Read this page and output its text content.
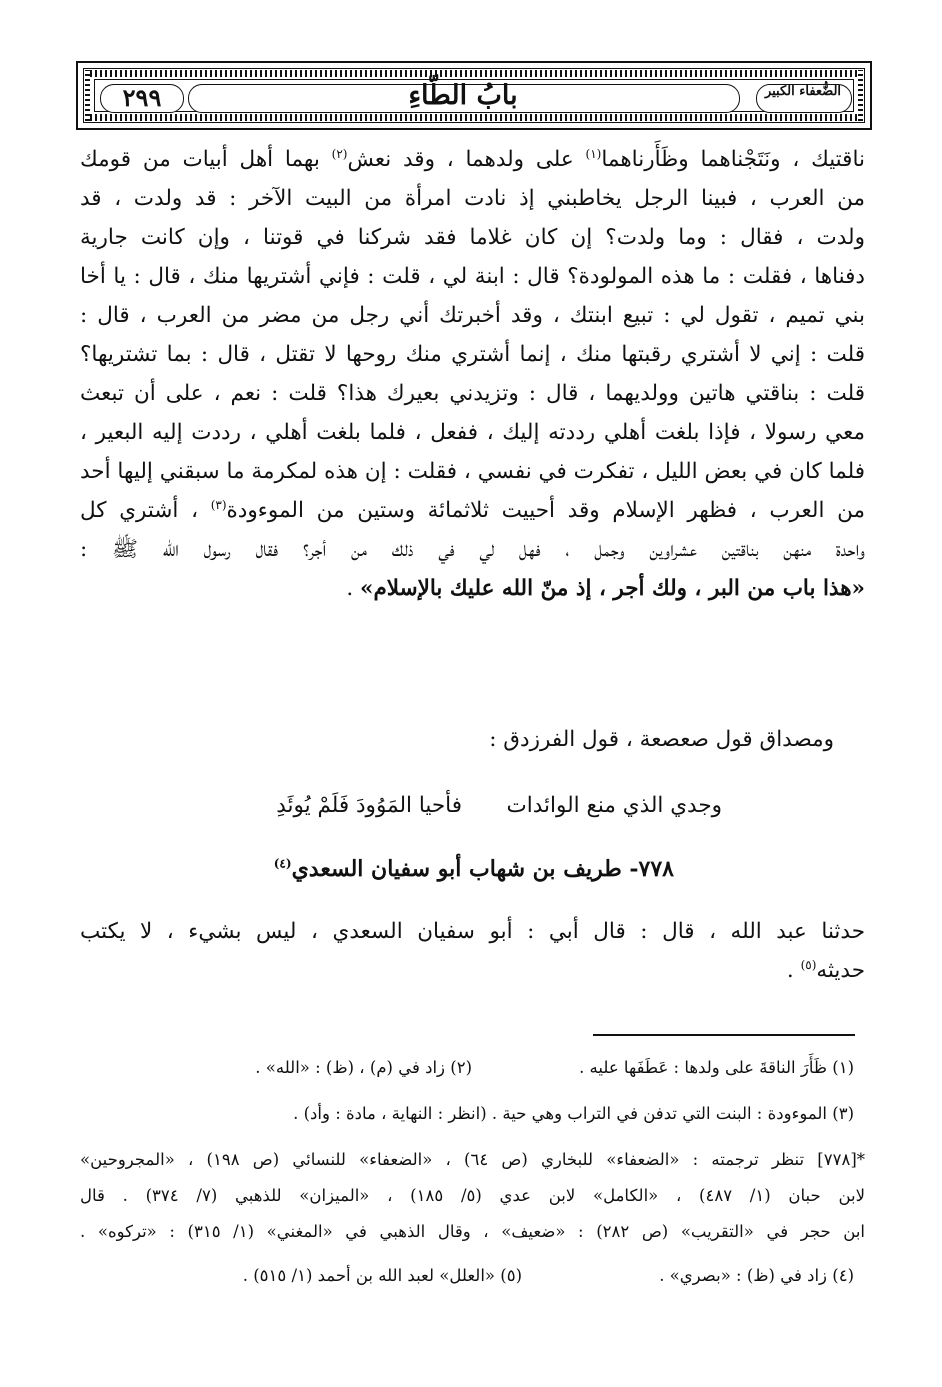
٢٩٩	بابُ الطّاءِ	الضُّعفاء الكبير
ناقتيك ، ونَتَجْناهما وظَأَرناهما$^{(١)}$ على ولدهما ، وقد نعش$^{(٢)}$ بهما أهل أبيات من قومك
من العرب ، فبينا الرجل يخاطبني إذ نادت امرأة من البيت الآخر : قد ولدت ، قد
ولدت ، فقال : وما ولدت؟ إن كان غلاما فقد شركنا في قوتنا ، وإن كانت جارية
دفناها ، فقلت : ما هذه المولودة؟ قال : ابنة لي ، قلت : فإني أشتريها منك ، قال : يا أخا
بني تميم ، تقول لي : تبيع ابنتك ، وقد أخبرتك أني رجل من مضر من العرب ، قال :
قلت : إني لا أشتري رقبتها منك ، إنما أشتري منك روحها لا تقتل ، قال : بما تشتريها؟
قلت : بناقتي هاتين وولديهما ، قال : وتزيدني بعيرك هذا؟ قلت : نعم ، على أن تبعث
معي رسولا ، فإذا بلغت أهلي رددته إليك ، ففعل ، فلما بلغت أهلي ، رددت إليه البعير ،
فلما كان في بعض الليل ، تفكرت في نفسي ، فقلت : إن هذه لمكرمة ما سبقني إليها أحد
من العرب ، فظهر الإسلام وقد أحييت ثلاثمائة وستين من الموءودة$^{(٣)}$ ، أشتري كل
واحدة منهن بناقتين عشراوين وجمل ، فهل لي في ذلك من أجر؟ فقال رسول الله ﷺ :
«هذا باب من البر ، ولك أجر ، إذ منّ الله عليك بالإسلام» .
ومصداق قول صعصعة ، قول الفرزدق :
وجدي الذي منع الوائدات
فأحيا المَوُودَ فَلَمْ يُوئَدِ
٧٧٨- طريف بن شهاب أبو سفيان السعدي$^{(٤)}$
حدثنا عبد الله ، قال : قال أبي : أبو سفيان السعدي ، ليس بشيء ، لا يكتب
حديثه$^{(٥)}$ .
(١) ظَأَرَ الناقةَ على ولدها : عَطَفَها عليه .
(٢) زاد في (م) ، (ظ) : «الله» .
(٣) الموءودة : البنت التي تدفن في التراب وهي حية . (انظر : النهاية ، مادة : وأد) .
*[٧٧٨] تنظر ترجمته : «الضعفاء» للبخاري (ص ٦٤) ، «الضعفاء» للنسائي (ص ١٩٨) ، «المجروحين»
لابن حبان (١/ ٤٨٧) ، «الكامل» لابن عدي (٥/ ١٨٥) ، «الميزان» للذهبي (٧/ ٣٧٤) . قال
ابن حجر في «التقريب» (ص ٢٨٢) : «ضعيف» ، وقال الذهبي في «المغني» (١/ ٣١٥) : «تركوه» .
(٤) زاد في (ظ) : «بصري» .
(٥) «العلل» لعبد الله بن أحمد (١/ ٥١٥) .
